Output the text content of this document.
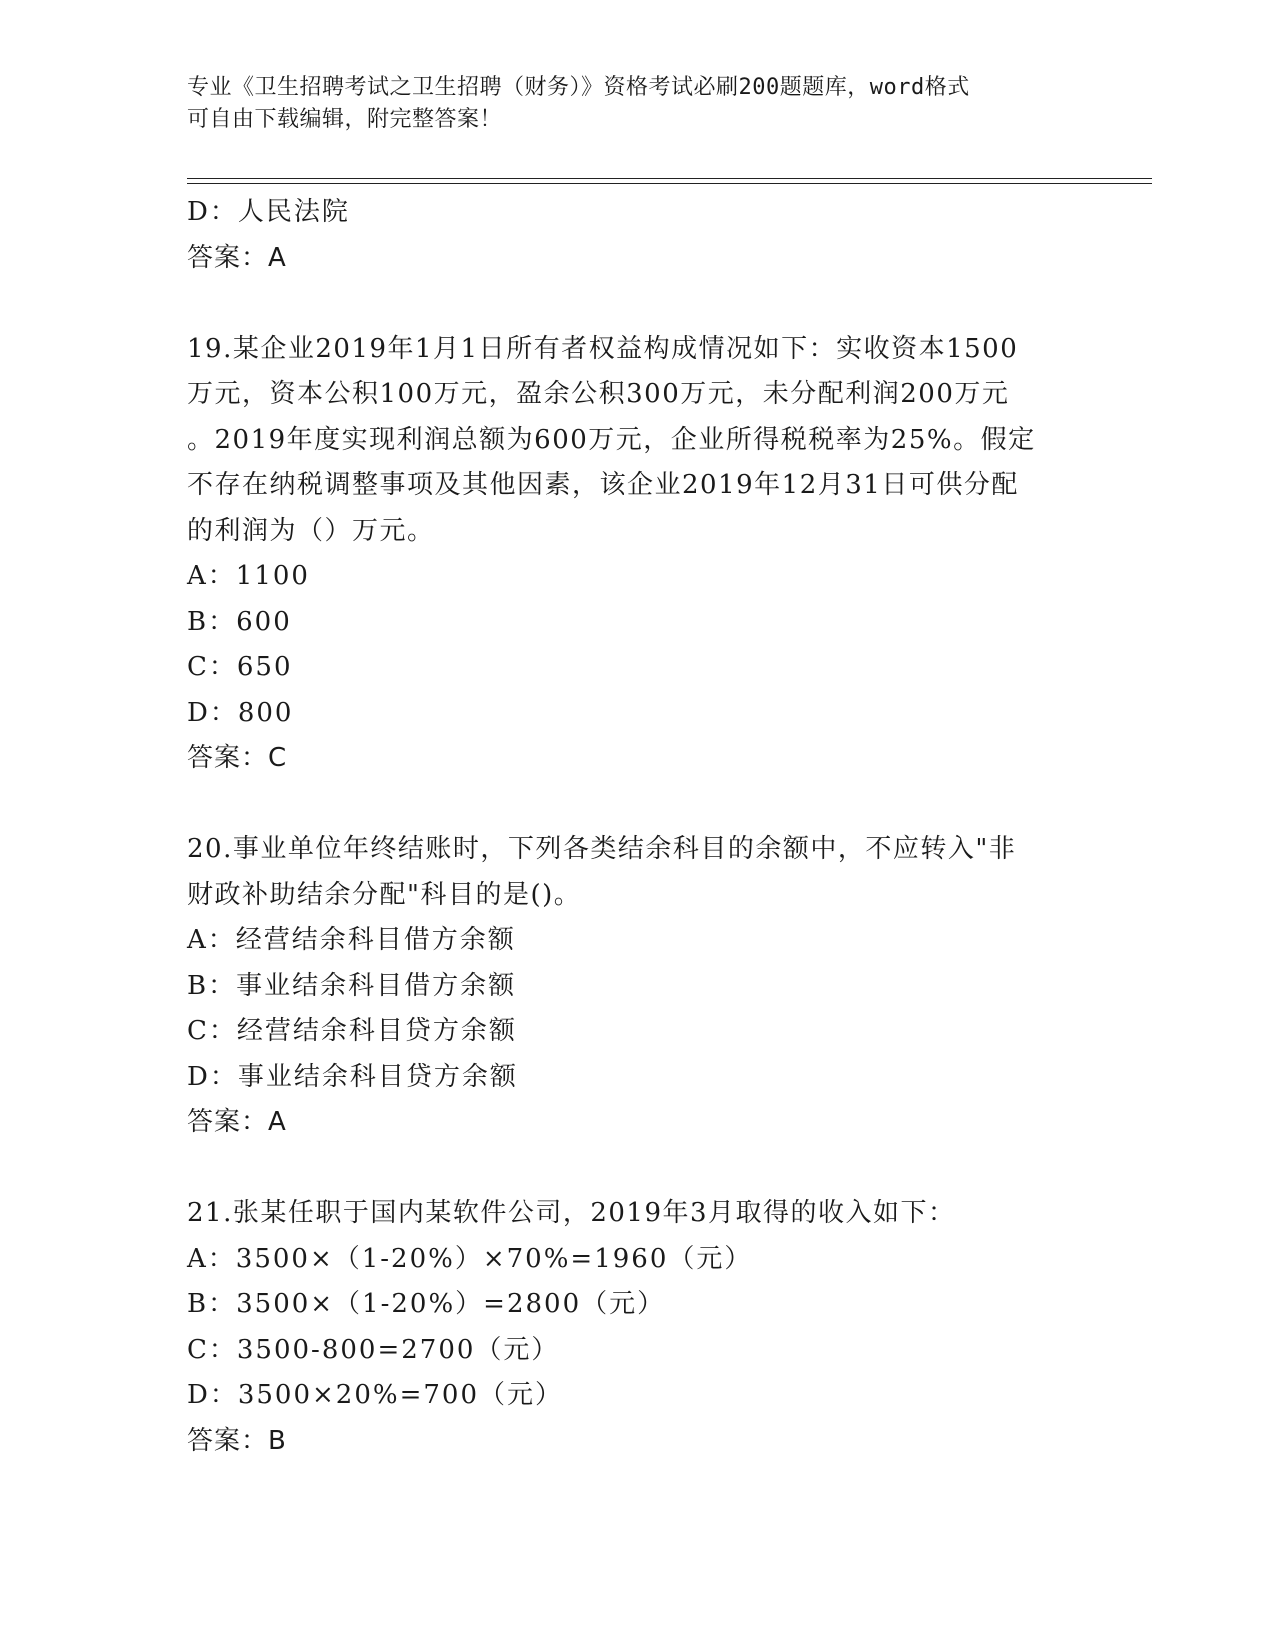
专业《卫生招聘考试之卫生招聘（财务）》资格考试必刷200题题库，word格式
可自由下载编辑，附完整答案！
D：人民法院
答案：A
19.某企业2019年1月1日所有者权益构成情况如下：实收资本1500
万元，资本公积100万元，盈余公积300万元，未分配利润200万元
。2019年度实现利润总额为600万元，企业所得税税率为25%。假定
不存在纳税调整事项及其他因素，该企业2019年12月31日可供分配
的利润为（）万元。
A：1100
B：600
C：650
D：800
答案：C
20.事业单位年终结账时，下列各类结余科目的余额中，不应转入"非
财政补助结余分配"科目的是()。
A：经营结余科目借方余额
B：事业结余科目借方余额
C：经营结余科目贷方余额
D：事业结余科目贷方余额
答案：A
21.张某任职于国内某软件公司，2019年3月取得的收入如下：
A：3500×（1-20%）×70%=1960（元）
B：3500×（1-20%）=2800（元）
C：3500-800=2700（元）
D：3500×20%=700（元）
答案：B
